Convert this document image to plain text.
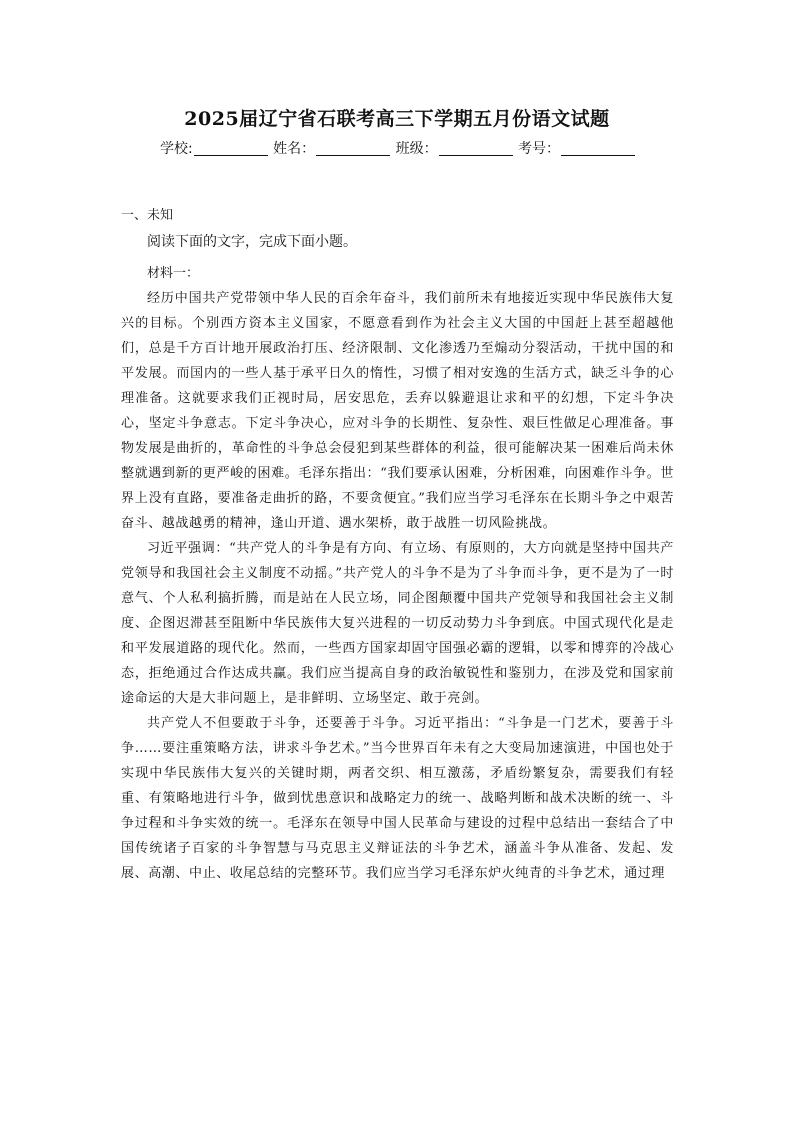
2025届辽宁省石联考高三下学期五月份语文试题
学校:	姓名：	班级：	考号：
一、未知
阅读下面的文字，完成下面小题。
材料一：

经历中国共产党带领中华人民的百余年奋斗，我们前所未有地接近实现中华民族伟大复兴的目标。个别西方资本主义国家，不愿意看到作为社会主义大国的中国赶上甚至超越他们，总是千方百计地开展政治打压、经济限制、文化渗透乃至煽动分裂活动，干扰中国的和平发展。而国内的一些人基于承平日久的惰性，习惯了相对安逸的生活方式，缺乏斗争的心理准备。这就要求我们正视时局，居安思危，丢弃以躲避退让求和平的幻想，下定斗争决心，坚定斗争意志。下定斗争决心，应对斗争的长期性、复杂性、艰巨性做足心理准备。事物发展是曲折的，革命性的斗争总会侵犯到某些群体的利益，很可能解决某一困难后尚未休整就遇到新的更严峻的困难。毛泽东指出：“我们要承认困难，分析困难，向困难作斗争。世界上没有直路，要准备走曲折的路，不要贪便宜。”我们应当学习毛泽东在长期斗争之中艰苦奋斗、越战越勇的精神，逢山开道、遇水架桥，敢于战胜一切风险挑战。

习近平强调：“共产党人的斗争是有方向、有立场、有原则的，大方向就是坚持中国共产党领导和我国社会主义制度不动摇。”共产党人的斗争不是为了斗争而斗争，更不是为了一时意气、个人私利搞折腾，而是站在人民立场，同企图颠覆中国共产党领导和我国社会主义制度、企图迟滞甚至阻断中华民族伟大复兴进程的一切反动势力斗争到底。中国式现代化是走和平发展道路的现代化。然而，一些西方国家却固守国强必霸的逻辑，以零和博弈的冷战心态，拒绝通过合作达成共赢。我们应当提高自身的政治敏锐性和鉴别力，在涉及党和国家前途命运的大是大非问题上，是非鲜明、立场坚定、敢于亮剑。

共产党人不但要敢于斗争，还要善于斗争。习近平指出：“斗争是一门艺术，要善于斗争……要注重策略方法，讲求斗争艺术。”当今世界百年未有之大变局加速演进，中国也处于实现中华民族伟大复兴的关键时期，两者交织、相互激荡，矛盾纷繁复杂，需要我们有轻重、有策略地进行斗争，做到忧患意识和战略定力的统一、战略判断和战术决断的统一、斗争过程和斗争实效的统一。毛泽东在领导中国人民革命与建设的过程中总结出一套结合了中国传统诸子百家的斗争智慧与马克思主义辩证法的斗争艺术，涵盖斗争从准备、发起、发展、高潮、中止、收尾总结的完整环节。我们应当学习毛泽东炉火纯青的斗争艺术，通过理
